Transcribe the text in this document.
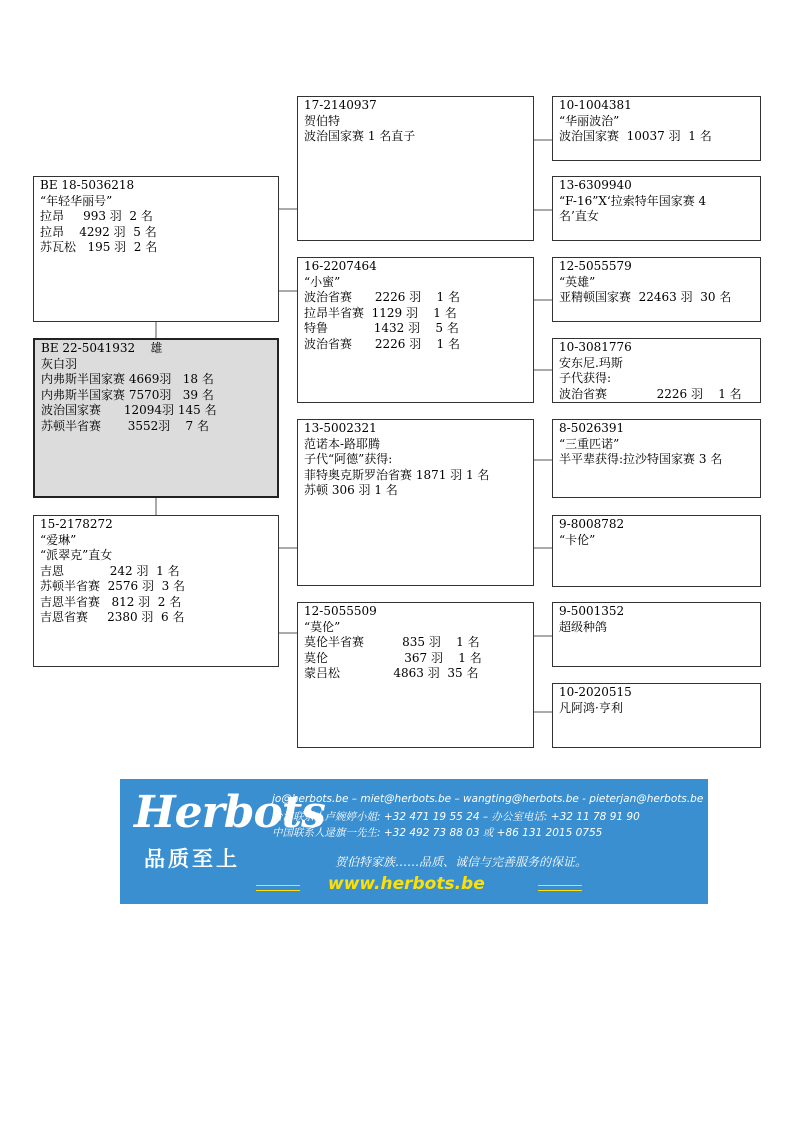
BE 18-5036218
“年轻华丽号”
拉昂     993 羽  2 名
拉昂    4292 羽  5 名
苏瓦松   195 羽  2 名
BE 22-5041932    雄
灰白羽
内弗斯半国家赛 4669羽   18 名
内弗斯半国家赛 7570羽   39 名
波治国家赛      12094羽 145 名
苏顿半省赛       3552羽    7 名
15-2178272
“爱琳”
“派翠克”直女
吉恩            242 羽  1 名
苏顿半省赛  2576 羽  3 名
吉恩半省赛   812 羽  2 名
吉恩省赛     2380 羽  6 名
17-2140937
贺伯特
波治国家赛 1 名直子
16-2207464
“小蜜”
波治省赛      2226 羽    1 名
拉昂半省赛  1129 羽    1 名
特鲁            1432 羽    5 名
波治省赛      2226 羽    1 名
13-5002321
范诺本-路耶腾
子代“阿德”获得:
菲特奥克斯罗治省赛 1871 羽 1 名
苏顿 306 羽 1 名
12-5055509
“莫伦”
莫伦半省赛          835 羽    1 名
莫伦                    367 羽    1 名
蒙吕松              4863 羽  35 名
10-1004381
“华丽波治”
波治国家赛  10037 羽  1 名
13-6309940
“F-16”X‘拉索特年国家赛 4
名’直女
12-5055579
“英雄”
亚精顿国家赛  22463 羽  30 名
10-3081776
安东尼.玛斯
子代获得:
波治省赛             2226 羽    1 名
8-5026391
“三重匹诺”
半平辈获得:拉沙特国家赛 3 名
9-8008782
“卡伦”
9-5001352
超级种鸽
10-2020515
凡阿鸿·亨利
Herbots
品质至上
jo@herbots.be – miet@herbots.be – wangting@herbots.be - pieterjan@herbots.be
台湾联系人卢婉婷小姐: +32 471 19 55 24 – 办公室电话: +32 11 78 91 90
中国联系人逯旗一先生: +32 492 73 88 03 或 +86 131 2015 0755
贺伯特家族……品质、诚信与完善服务的保证。
www.herbots.be
